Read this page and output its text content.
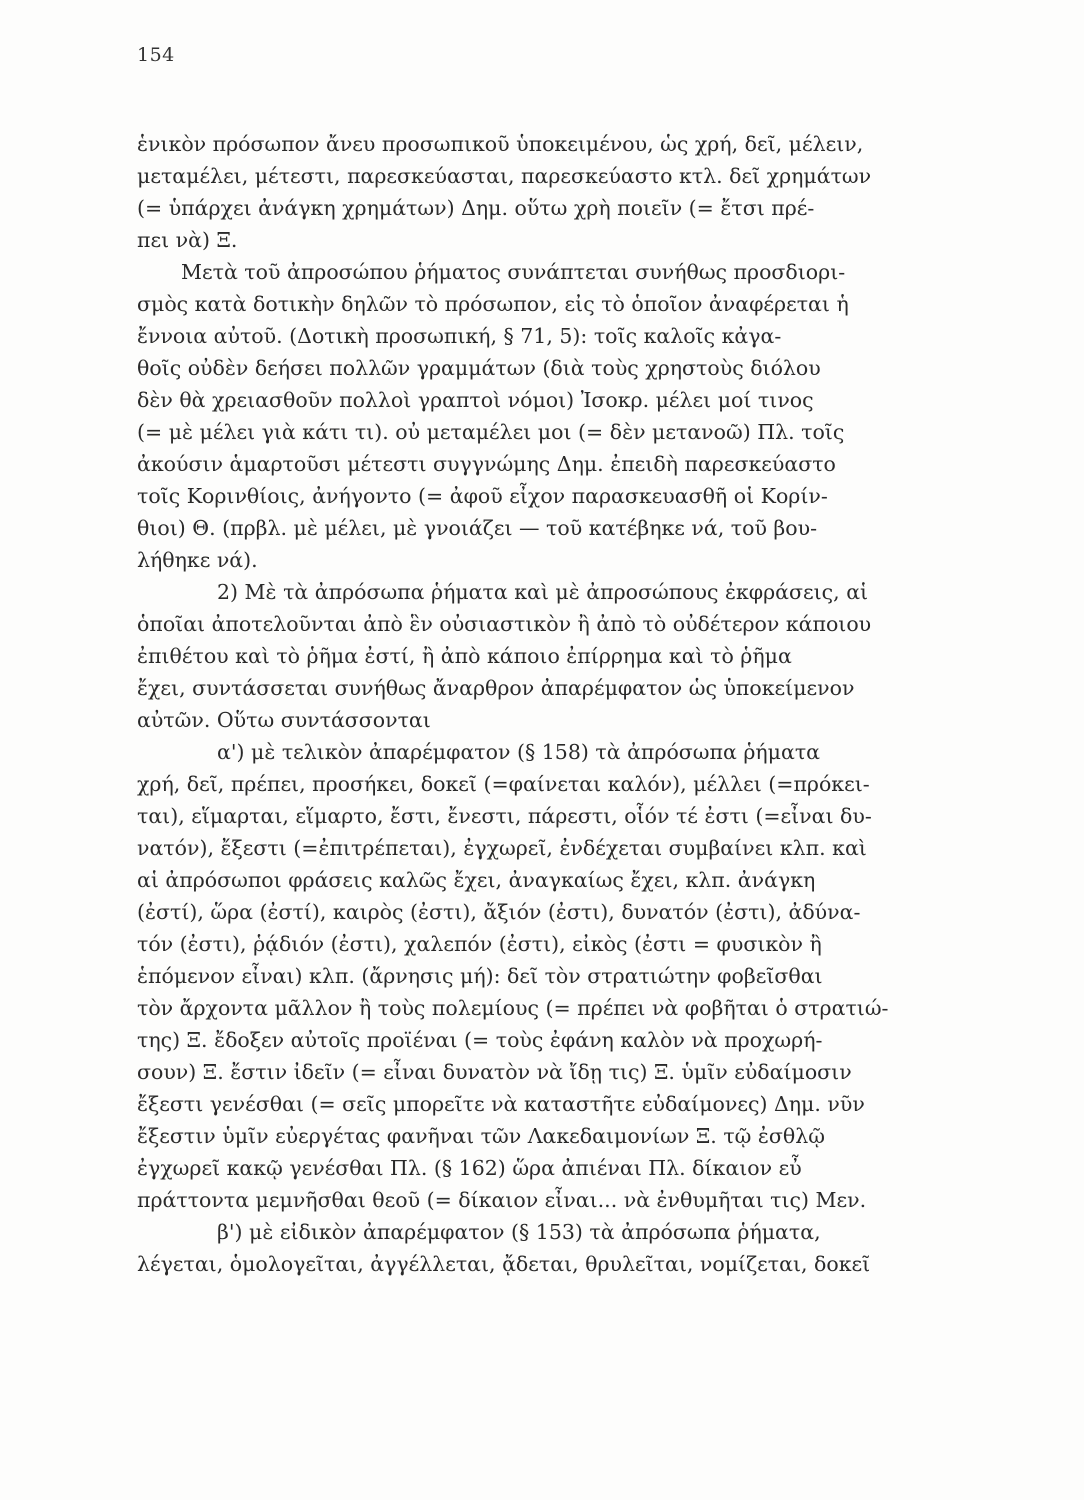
154
ἑνικὸν πρόσωπον ἄνευ προσωπικοῦ ὑποκειμένου, ὡς χρή, δεῖ, μέλειν,
μεταμέλει, μέτεστι, παρεσκεύασται, παρεσκεύαστο κτλ. δεῖ χρημάτων
(= ὑπάρχει ἀνάγκη χρημάτων) Δημ. οὕτω χρὴ ποιεῖν (= ἔτσι πρέ-
πει νὰ) Ξ.
Μετὰ τοῦ ἀπροσώπου ῥήματος συνάπτεται συνήθως προσδιορι-
σμὸς κατὰ δοτικὴν δηλῶν τὸ πρόσωπον, εἰς τὸ ὁποῖον ἀναφέρεται ἡ
ἔννοια αὐτοῦ. (Δοτικὴ προσωπική, § 71, 5): τοῖς καλοῖς κἀγα-
θοῖς οὐδὲν δεήσει πολλῶν γραμμάτων (διὰ τοὺς χρηστοὺς διόλου
δὲν θὰ χρειασθοῦν πολλοὶ γραπτοὶ νόμοι) Ἰσοκρ. μέλει μοί τινος
(= μὲ μέλει γιὰ κάτι τι). οὐ μεταμέλει μοι (= δὲν μετανοῶ) Πλ. τοῖς
ἀκούσιν ἁμαρτοῦσι μέτεστι συγγνώμης Δημ. ἐπειδὴ παρεσκεύαστο
τοῖς Κορινθίοις, ἀνήγοντο (= ἀφοῦ εἶχον παρασκευασθῆ οἱ Κορίν-
θιοι) Θ. (πρβλ. μὲ μέλει, μὲ γνοιάζει — τοῦ κατέβηκε νά, τοῦ βου-
λήθηκε νά).
2) Μὲ τὰ ἀπρόσωπα ῥήματα καὶ μὲ ἀπροσώπους ἐκφράσεις, αἱ
ὁποῖαι ἀποτελοῦνται ἀπὸ ἓν οὐσιαστικὸν ἢ ἀπὸ τὸ οὐδέτερον κάποιου
ἐπιθέτου καὶ τὸ ῥῆμα ἐστί, ἢ ἀπὸ κάποιο ἐπίρρημα καὶ τὸ ῥῆμα
ἔχει, συντάσσεται συνήθως ἄναρθρον ἀπαρέμφατον ὡς ὑποκείμενον
αὐτῶν. Οὕτω συντάσσονται
α') μὲ τελικὸν ἀπαρέμφατον (§ 158) τὰ ἀπρόσωπα ῥήματα
χρή, δεῖ, πρέπει, προσήκει, δοκεῖ (=φαίνεται καλόν), μέλλει (=πρόκει-
ται), εἵμαρται, εἵμαρτο, ἔστι, ἔνεστι, πάρεστι, οἷόν τέ ἐστι (=εἶναι δυ-
νατόν), ἔξεστι (=ἐπιτρέπεται), ἐγχωρεῖ, ἐνδέχεται συμβαίνει κλπ. καὶ
αἱ ἀπρόσωποι φράσεις καλῶς ἔχει, ἀναγκαίως ἔχει, κλπ. ἀνάγκη
(ἐστί), ὥρα (ἐστί), καιρὸς (ἐστι), ἄξιόν (ἐστι), δυνατόν (ἐστι), ἀδύνα-
τόν (ἐστι), ῥᾴδιόν (ἐστι), χαλεπόν (ἐστι), εἰκὸς (ἐστι = φυσικὸν ἢ
ἑπόμενον εἶναι) κλπ. (ἄρνησις μή): δεῖ τὸν στρατιώτην φοβεῖσθαι
τὸν ἄρχοντα μᾶλλον ἢ τοὺς πολεμίους (= πρέπει νὰ φοβῆται ὁ στρατιώ-
της) Ξ. ἔδοξεν αὐτοῖς προϊέναι (= τοὺς ἐφάνη καλὸν νὰ προχωρή-
σουν) Ξ. ἔστιν ἰδεῖν (= εἶναι δυνατὸν νὰ ἴδῃ τις) Ξ. ὑμῖν εὐδαίμοσιν
ἔξεστι γενέσθαι (= σεῖς μπορεῖτε νὰ καταστῆτε εὐδαίμονες) Δημ. νῦν
ἔξεστιν ὑμῖν εὐεργέτας φανῆναι τῶν Λακεδαιμονίων Ξ. τῷ ἐσθλῷ
ἐγχωρεῖ κακῷ γενέσθαι Πλ. (§ 162) ὥρα ἀπιέναι Πλ. δίκαιον εὖ
πράττοντα μεμνῆσθαι θεοῦ (= δίκαιον εἶναι... νὰ ἐνθυμῆται τις) Μεν.
β') μὲ εἰδικὸν ἀπαρέμφατον (§ 153) τὰ ἀπρόσωπα ῥήματα,
λέγεται, ὁμολογεῖται, ἀγγέλλεται, ᾄδεται, θρυλεῖται, νομίζεται, δοκεῖ
